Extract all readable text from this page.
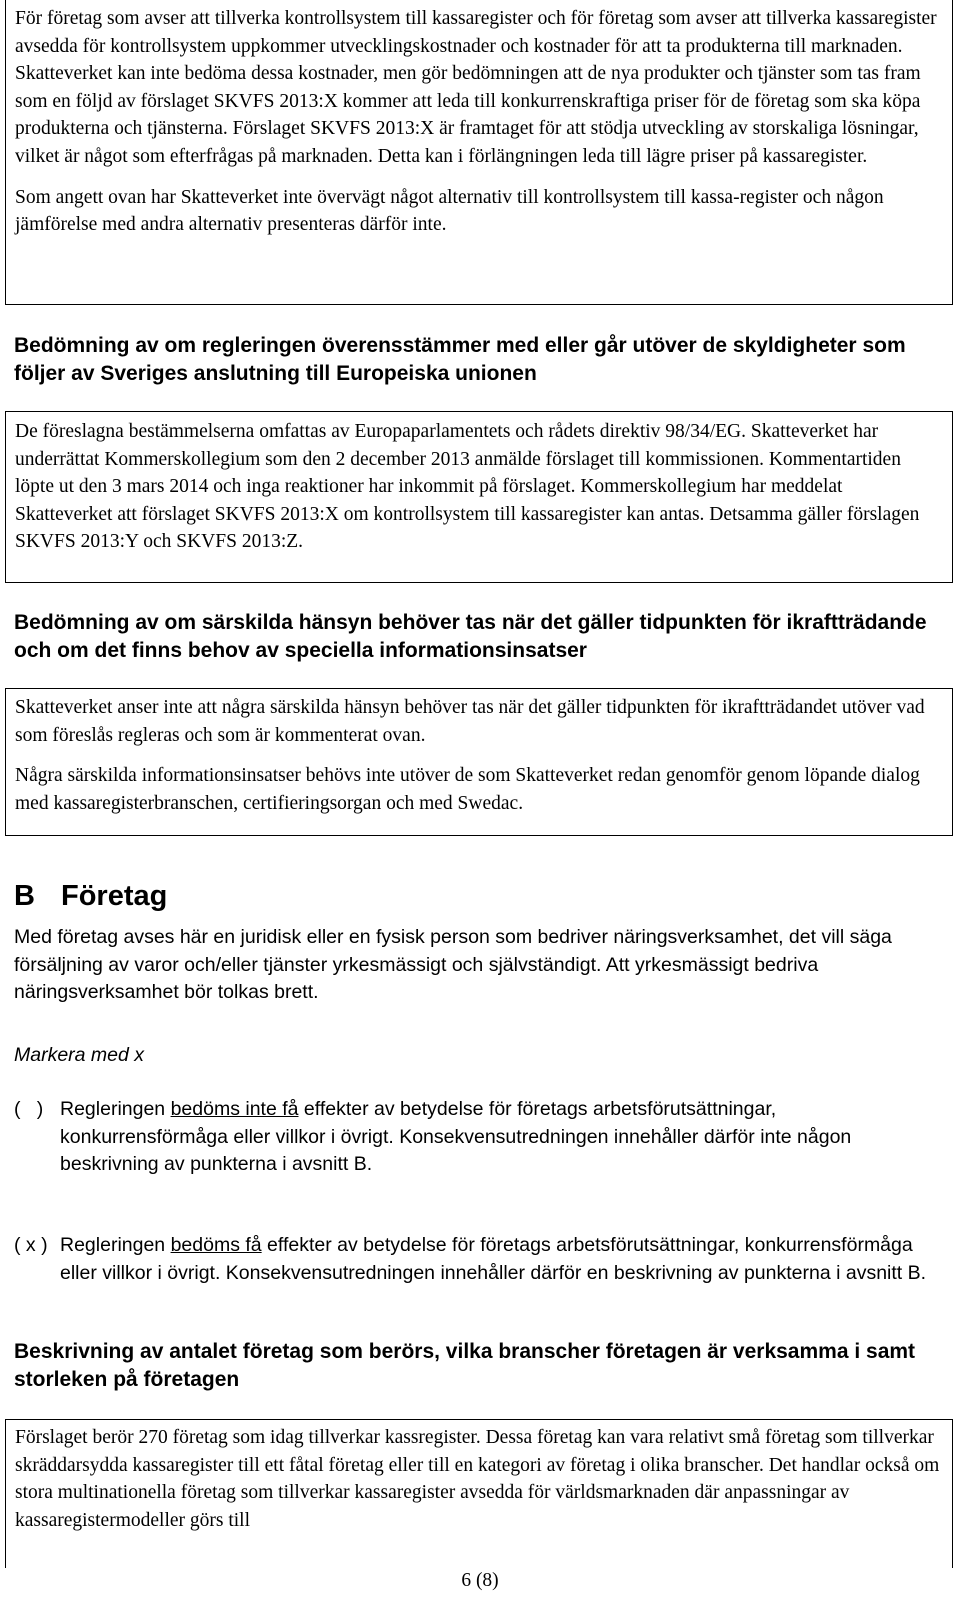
För företag som avser att tillverka kontrollsystem till kassaregister och för företag som avser att tillverka kassaregister avsedda för kontrollsystem uppkommer utvecklingskostnader och kostnader för att ta produkterna till marknaden. Skatteverket kan inte bedöma dessa kostnader, men gör bedömningen att de nya produkter och tjänster som tas fram som en följd av förslaget SKVFS 2013:X kommer att leda till konkurrenskraftiga priser för de företag som ska köpa produkterna och tjänsterna. Förslaget SKVFS 2013:X är framtaget för att stödja utveckling av storskaliga lösningar, vilket är något som efterfrågas på marknaden. Detta kan i förlängningen leda till lägre priser på kassaregister.

Som angett ovan har Skatteverket inte övervägt något alternativ till kontrollsystem till kassa-register och någon jämförelse med andra alternativ presenteras därför inte.

Bedömning av om regleringen överensstämmer med eller går utöver de skyldigheter som följer av Sveriges anslutning till Europeiska unionen

De föreslagna bestämmelserna omfattas av Europaparlamentets och rådets direktiv 98/34/EG. Skatteverket har underrättat Kommerskollegium som den 2 december 2013 anmälde förslaget till kommissionen. Kommentartiden löpte ut den 3 mars 2014 och inga reaktioner har inkommit på förslaget. Kommerskollegium har meddelat Skatteverket att förslaget SKVFS 2013:X om kontrollsystem till kassaregister kan antas. Detsamma gäller förslagen SKVFS 2013:Y och SKVFS 2013:Z.

Bedömning av om särskilda hänsyn behöver tas när det gäller tidpunkten för ikraftträdande och om det finns behov av speciella informationsinsatser

Skatteverket anser inte att några särskilda hänsyn behöver tas när det gäller tidpunkten för ikraftträdandet utöver vad som föreslås regleras och som är kommenterat ovan.

Några särskilda informationsinsatser behövs inte utöver de som Skatteverket redan genomför genom löpande dialog med kassaregisterbranschen, certifieringsorgan och med Swedac.

B Företag

Med företag avses här en juridisk eller en fysisk person som bedriver näringsverksamhet, det vill säga försäljning av varor och/eller tjänster yrkesmässigt och självständigt. Att yrkesmässigt bedriva näringsverksamhet bör tolkas brett.

Markera med x

(   ) Regleringen bedöms inte få effekter av betydelse för företags arbetsförutsättningar, konkurrensförmåga eller villkor i övrigt. Konsekvensutredningen innehåller därför inte någon beskrivning av punkterna i avsnitt B.
( x ) Regleringen bedöms få effekter av betydelse för företags arbetsförutsättningar, konkurrensförmåga eller villkor i övrigt. Konsekvensutredningen innehåller därför en beskrivning av punkterna i avsnitt B.
Beskrivning av antalet företag som berörs, vilka branscher företagen är verksamma i samt storleken på företagen

Förslaget berör 270 företag som idag tillverkar kassregister. Dessa företag kan vara relativt små företag som tillverkar skräddarsydda kassaregister till ett fåtal företag eller till en kategori av företag i olika branscher. Det handlar också om stora multinationella företag som tillverkar kassaregister avsedda för världsmarknaden där anpassningar av kassaregistermodeller görs till

6 (8)
